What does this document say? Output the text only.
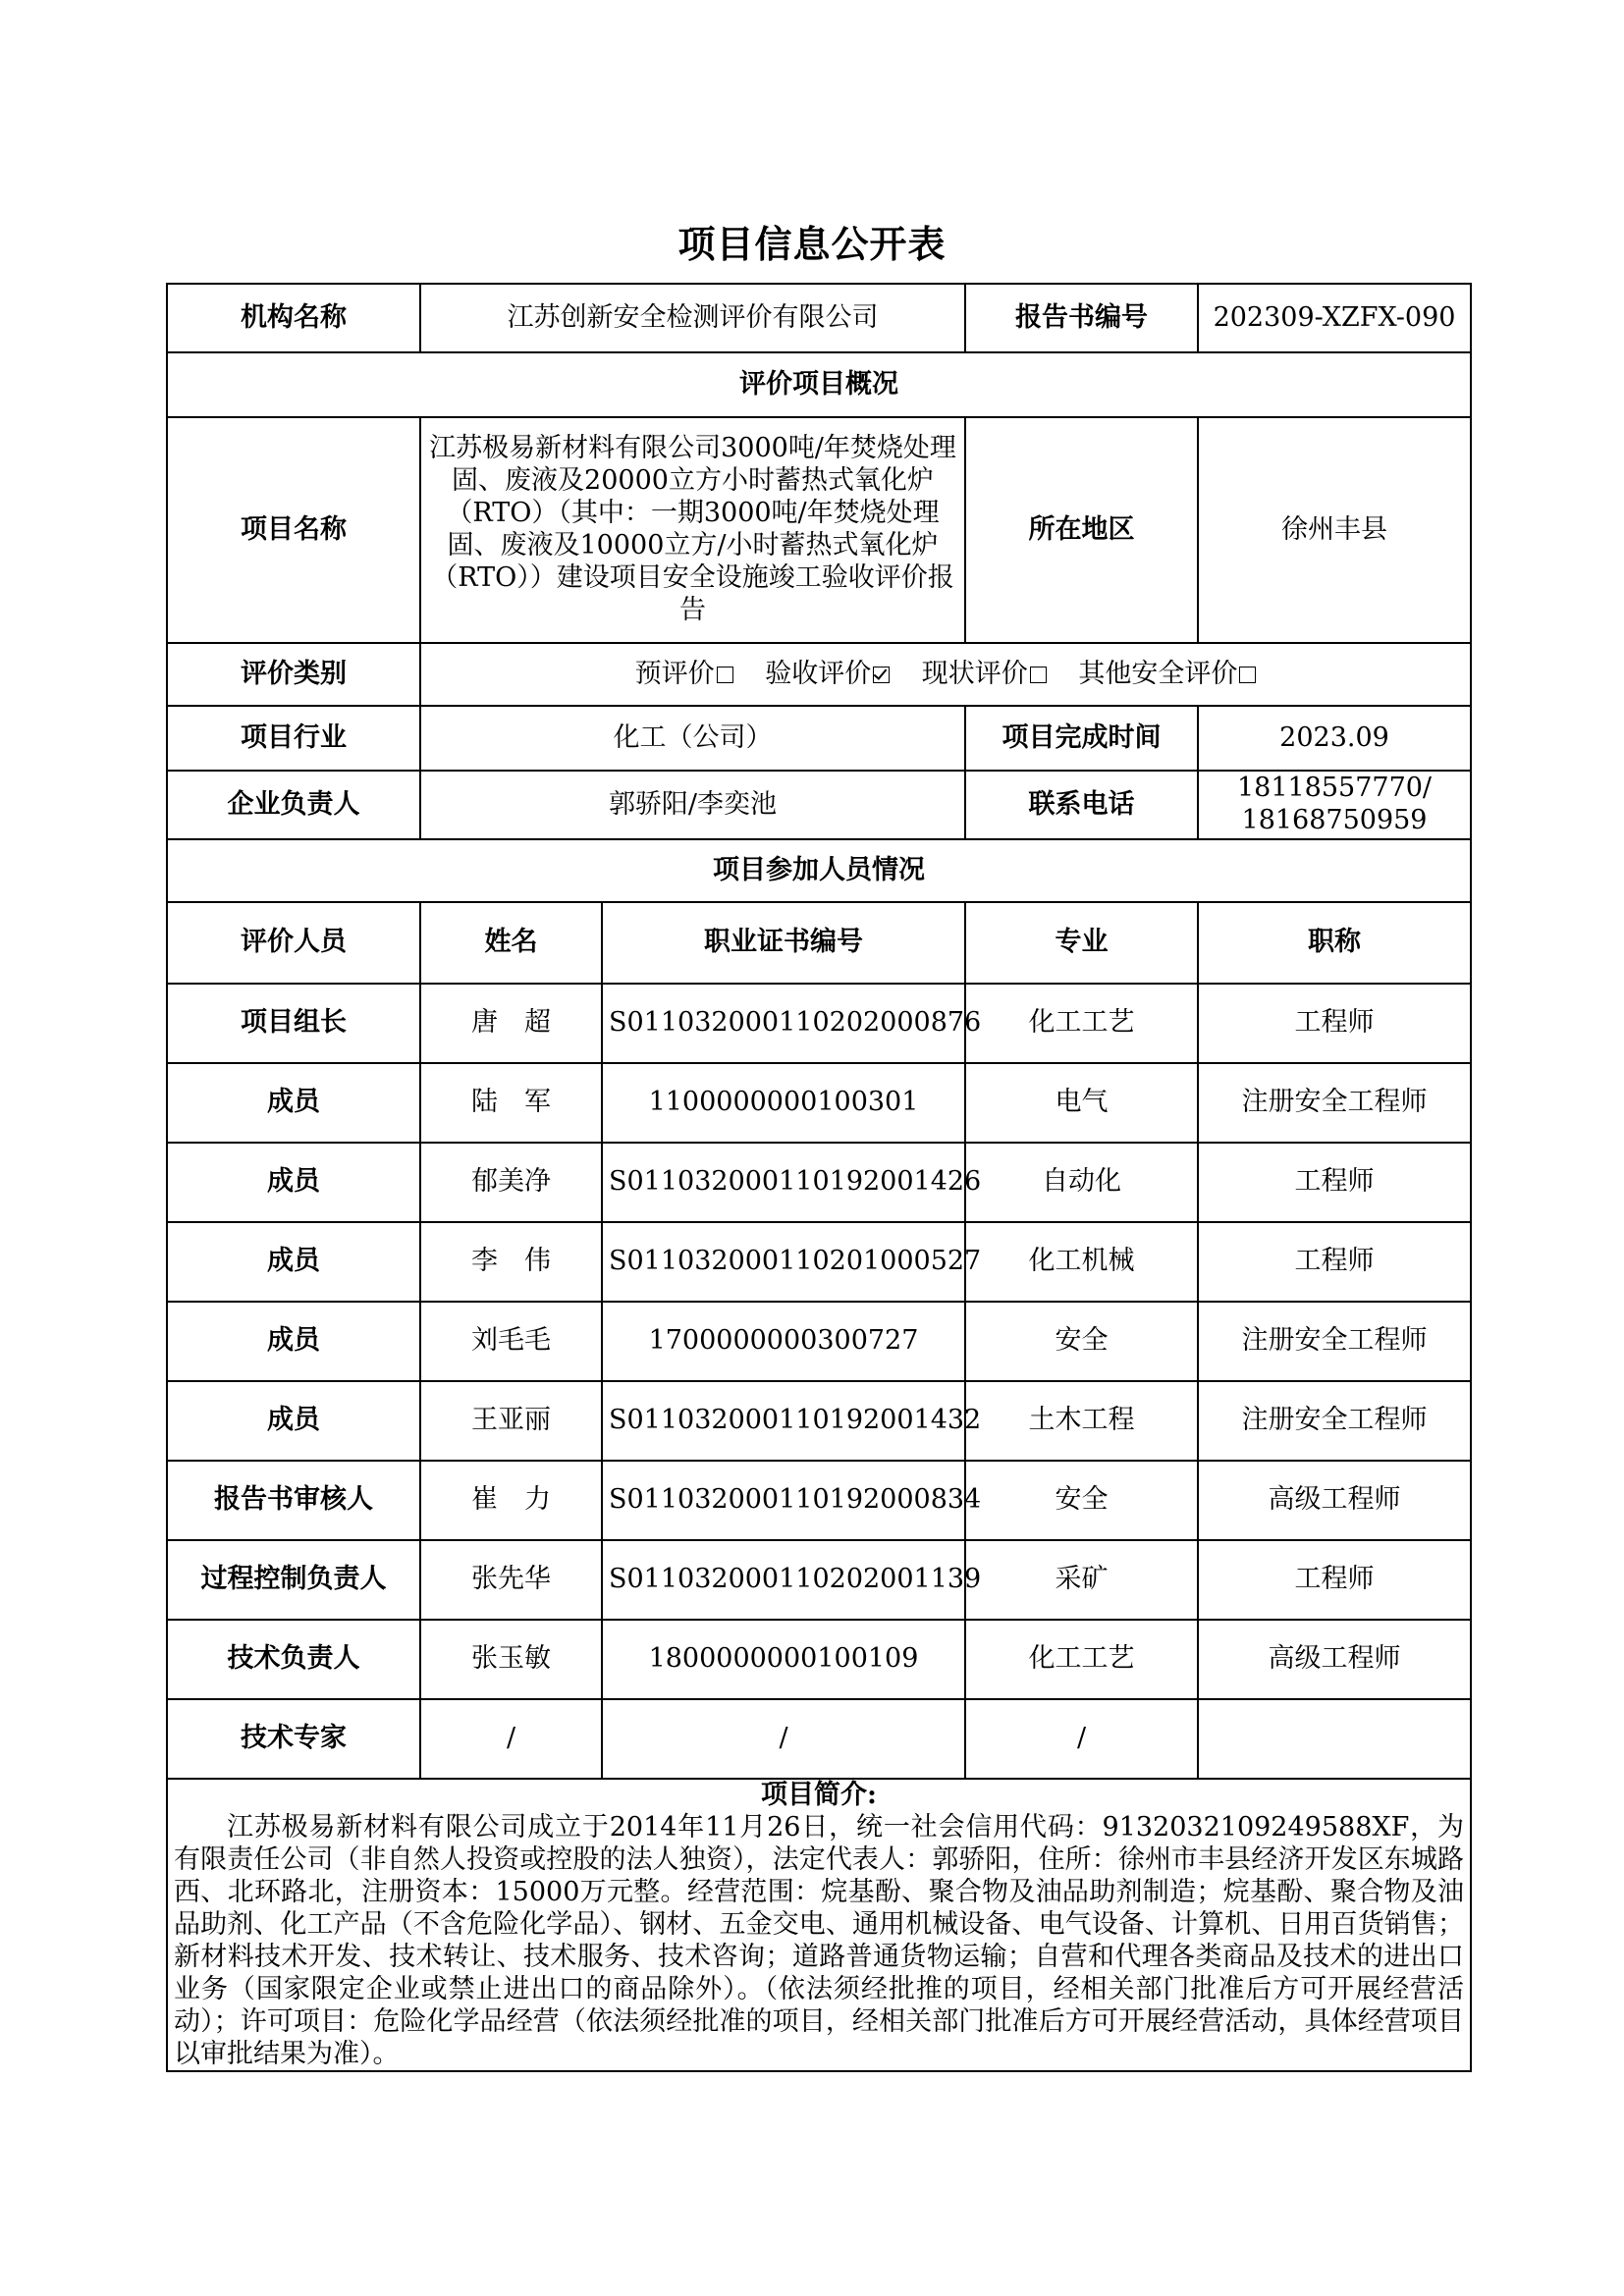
项目信息公开表
机构名称	江苏创新安全检测评价有限公司		报告书编号	202309-XZFX-090
评价项目概况				
项目名称	江苏极易新材料有限公司3000吨/年焚烧处理固、废液及20000立方小时蓄热式氧化炉（RTO）（其中：一期3000吨/年焚烧处理固、废液及10000立方/小时蓄热式氧化炉（RTO））建设项目安全设施竣工验收评价报告		所在地区	徐州丰县
评价类别	预评价 验收评价 现状评价 其他安全评价			
项目行业	化工（公司）		项目完成时间	2023.09
企业负责人	郭骄阳/李奕池		联系电话	18118557770/
18168750959

项目参加人员情况				
评价人员	姓名	职业证书编号	专业	职称
项目组长	唐　超	S011032000110202000876	化工工艺	工程师
成员	陆　军	1100000000100301	电气	注册安全工程师
成员	郁美净	S011032000110192001426	自动化	工程师
成员	李　伟	S011032000110201000527	化工机械	工程师
成员	刘毛毛	1700000000300727	安全	注册安全工程师
成员	王亚丽	S011032000110192001432	土木工程	注册安全工程师
报告书审核人	崔　力	S011032000110192000834	安全	高级工程师
过程控制负责人	张先华	S011032000110202001139	采矿	工程师
技术负责人	张玉敏	1800000000100109	化工工艺	高级工程师
技术专家	/	/	/	

项目简介:
江苏极易新材料有限公司成立于2014年11月26日，统一社会信用代码：9132032109249588XF，为有限责任公司（非自然人投资或控股的法人独资），法定代表人：郭骄阳，住所：徐州市丰县经济开发区东城路西、北环路北，注册资本：15000万元整。经营范围：烷基酚、聚合物及油品助剂制造；烷基酚、聚合物及油品助剂、化工产品（不含危险化学品）、钢材、五金交电、通用机械设备、电气设备、计算机、日用百货销售；新材料技术开发、技术转让、技术服务、技术咨询；道路普通货物运输；自营和代理各类商品及技术的进出口业务（国家限定企业或禁止进出口的商品除外）。（依法须经批推的项目，经相关部门批准后方可开展经营活动）；许可项目：危险化学品经营（依法须经批准的项目，经相关部门批准后方可开展经营活动，具体经营项目以审批结果为准）。				
